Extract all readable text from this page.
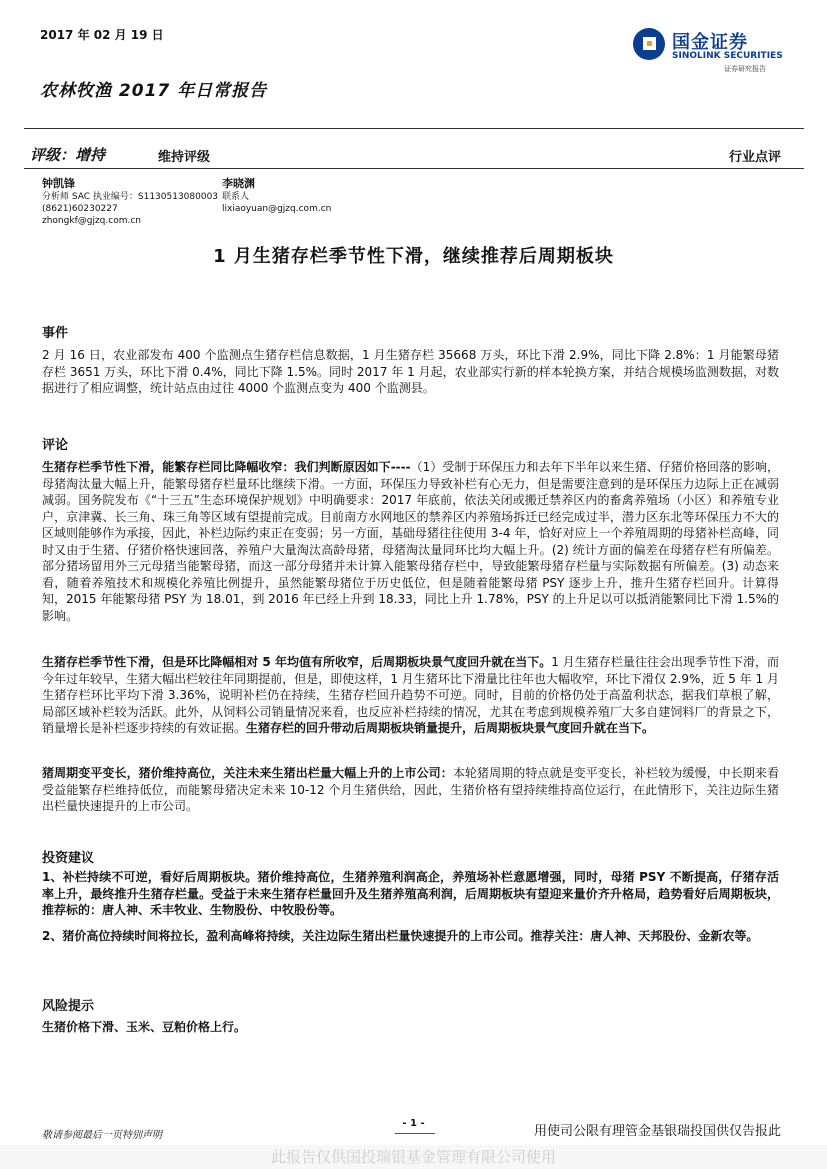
2017 年 02 月 19 日
农林牧渔 2017 年日常报告
国金证券
SINOLINK SECURITIES
证券研究报告
评级：增持	维持评级	行业点评
钟凯锋
分析师 SAC 执业编号：S1130513080003
(8621)60230227
zhongkf@gjzq.com.cn
李晓渊
联系人
lixiaoyuan@gjzq.com.cn
1 月生猪存栏季节性下滑，继续推荐后周期板块
事件
2 月 16 日，农业部发布 400 个监测点生猪存栏信息数据，1 月生猪存栏 35668 万头，环比下滑 2.9%，同比下降 2.8%：1 月能繁母猪存栏 3651 万头，环比下滑 0.4%，同比下降 1.5%。同时 2017 年 1 月起，农业部实行新的样本轮换方案，并结合规模场监测数据，对数据进行了相应调整，统计站点由过往 4000 个监测点变为 400 个监测县。
评论
生猪存栏季节性下滑，能繁存栏同比降幅收窄：我们判断原因如下----（1）受制于环保压力和去年下半年以来生猪、仔猪价格回落的影响，母猪淘汰量大幅上升，能繁母猪存栏量环比继续下滑。一方面，环保压力导致补栏有心无力，但是需要注意到的是环保压力边际上正在减弱减弱。国务院发布《“十三五”生态环境保护规划》中明确要求：2017 年底前，依法关闭或搬迁禁养区内的畜禽养殖场（小区）和养殖专业户，京津冀、长三角、珠三角等区域有望提前完成。目前南方水网地区的禁养区内养殖场拆迁已经完成过半，潜力区东北等环保压力不大的区域则能够作为承接，因此，补栏边际约束正在变弱；另一方面，基础母猪往往使用 3-4 年，恰好对应上一个养殖周期的母猪补栏高峰，同时又由于生猪、仔猪价格快速回落，养殖户大量淘汰高龄母猪，母猪淘汰量同环比均大幅上升。(2) 统计方面的偏差在母猪存栏有所偏差。部分猪场留用外三元母猪当能繁母猪，而这一部分母猪并未计算入能繁母猪存栏中，导致能繁母猪存栏量与实际数据有所偏差。(3) 动态来看，随着养殖技术和规模化养殖比例提升，虽然能繁母猪位于历史低位，但是随着能繁母猪 PSY 逐步上升，推升生猪存栏回升。计算得知，2015 年能繁母猪 PSY 为 18.01，到 2016 年已经上升到 18.33，同比上升 1.78%，PSY 的上升足以可以抵消能繁同比下滑 1.5%的影响。
生猪存栏季节性下滑，但是环比降幅相对 5 年均值有所收窄，后周期板块景气度回升就在当下。1 月生猪存栏量往往会出现季节性下滑，而今年过年较早，生猪大幅出栏较往年同期提前，但是，即使这样，1 月生猪环比下滑量比往年也大幅收窄，环比下滑仅 2.9%，近 5 年 1 月生猪存栏环比平均下滑 3.36%，说明补栏仍在持续，生猪存栏回升趋势不可逆。同时，目前的价格仍处于高盈利状态，据我们草根了解，局部区域补栏较为活跃。此外，从饲料公司销量情况来看，也反应补栏持续的情况，尤其在考虑到规模养殖厂大多自建饲料厂的背景之下，销量增长是补栏逐步持续的有效证据。生猪存栏的回升带动后周期板块销量提升，后周期板块景气度回升就在当下。
猪周期变平变长，猪价维持高位，关注未来生猪出栏量大幅上升的上市公司：本轮猪周期的特点就是变平变长，补栏较为缓慢，中长期来看受益能繁存栏维持低位，而能繁母猪决定未来 10-12 个月生猪供给，因此，生猪价格有望持续维持高位运行，在此情形下，关注边际生猪出栏量快速提升的上市公司。
投资建议
1、补栏持续不可逆，看好后周期板块。猪价维持高位，生猪养殖利润高企，养殖场补栏意愿增强，同时，母猪 PSY 不断提高，仔猪存活率上升，最终推升生猪存栏量。受益于未来生猪存栏量回升及生猪养殖高利润，后周期板块有望迎来量价齐升格局，趋势看好后周期板块，推荐标的：唐人神、禾丰牧业、生物股份、中牧股份等。
2、猪价高位持续时间将拉长，盈利高峰将持续，关注边际生猪出栏量快速提升的上市公司。推荐关注：唐人神、天邦股份、金新农等。
风险提示
生猪价格下滑、玉米、豆粕价格上行。
- 1 -
敬请参阅最后一页特别声明	用使司公限有理管金基银瑞投国供仅告报此
此报告仅供国投瑞银基金管理有限公司使用
